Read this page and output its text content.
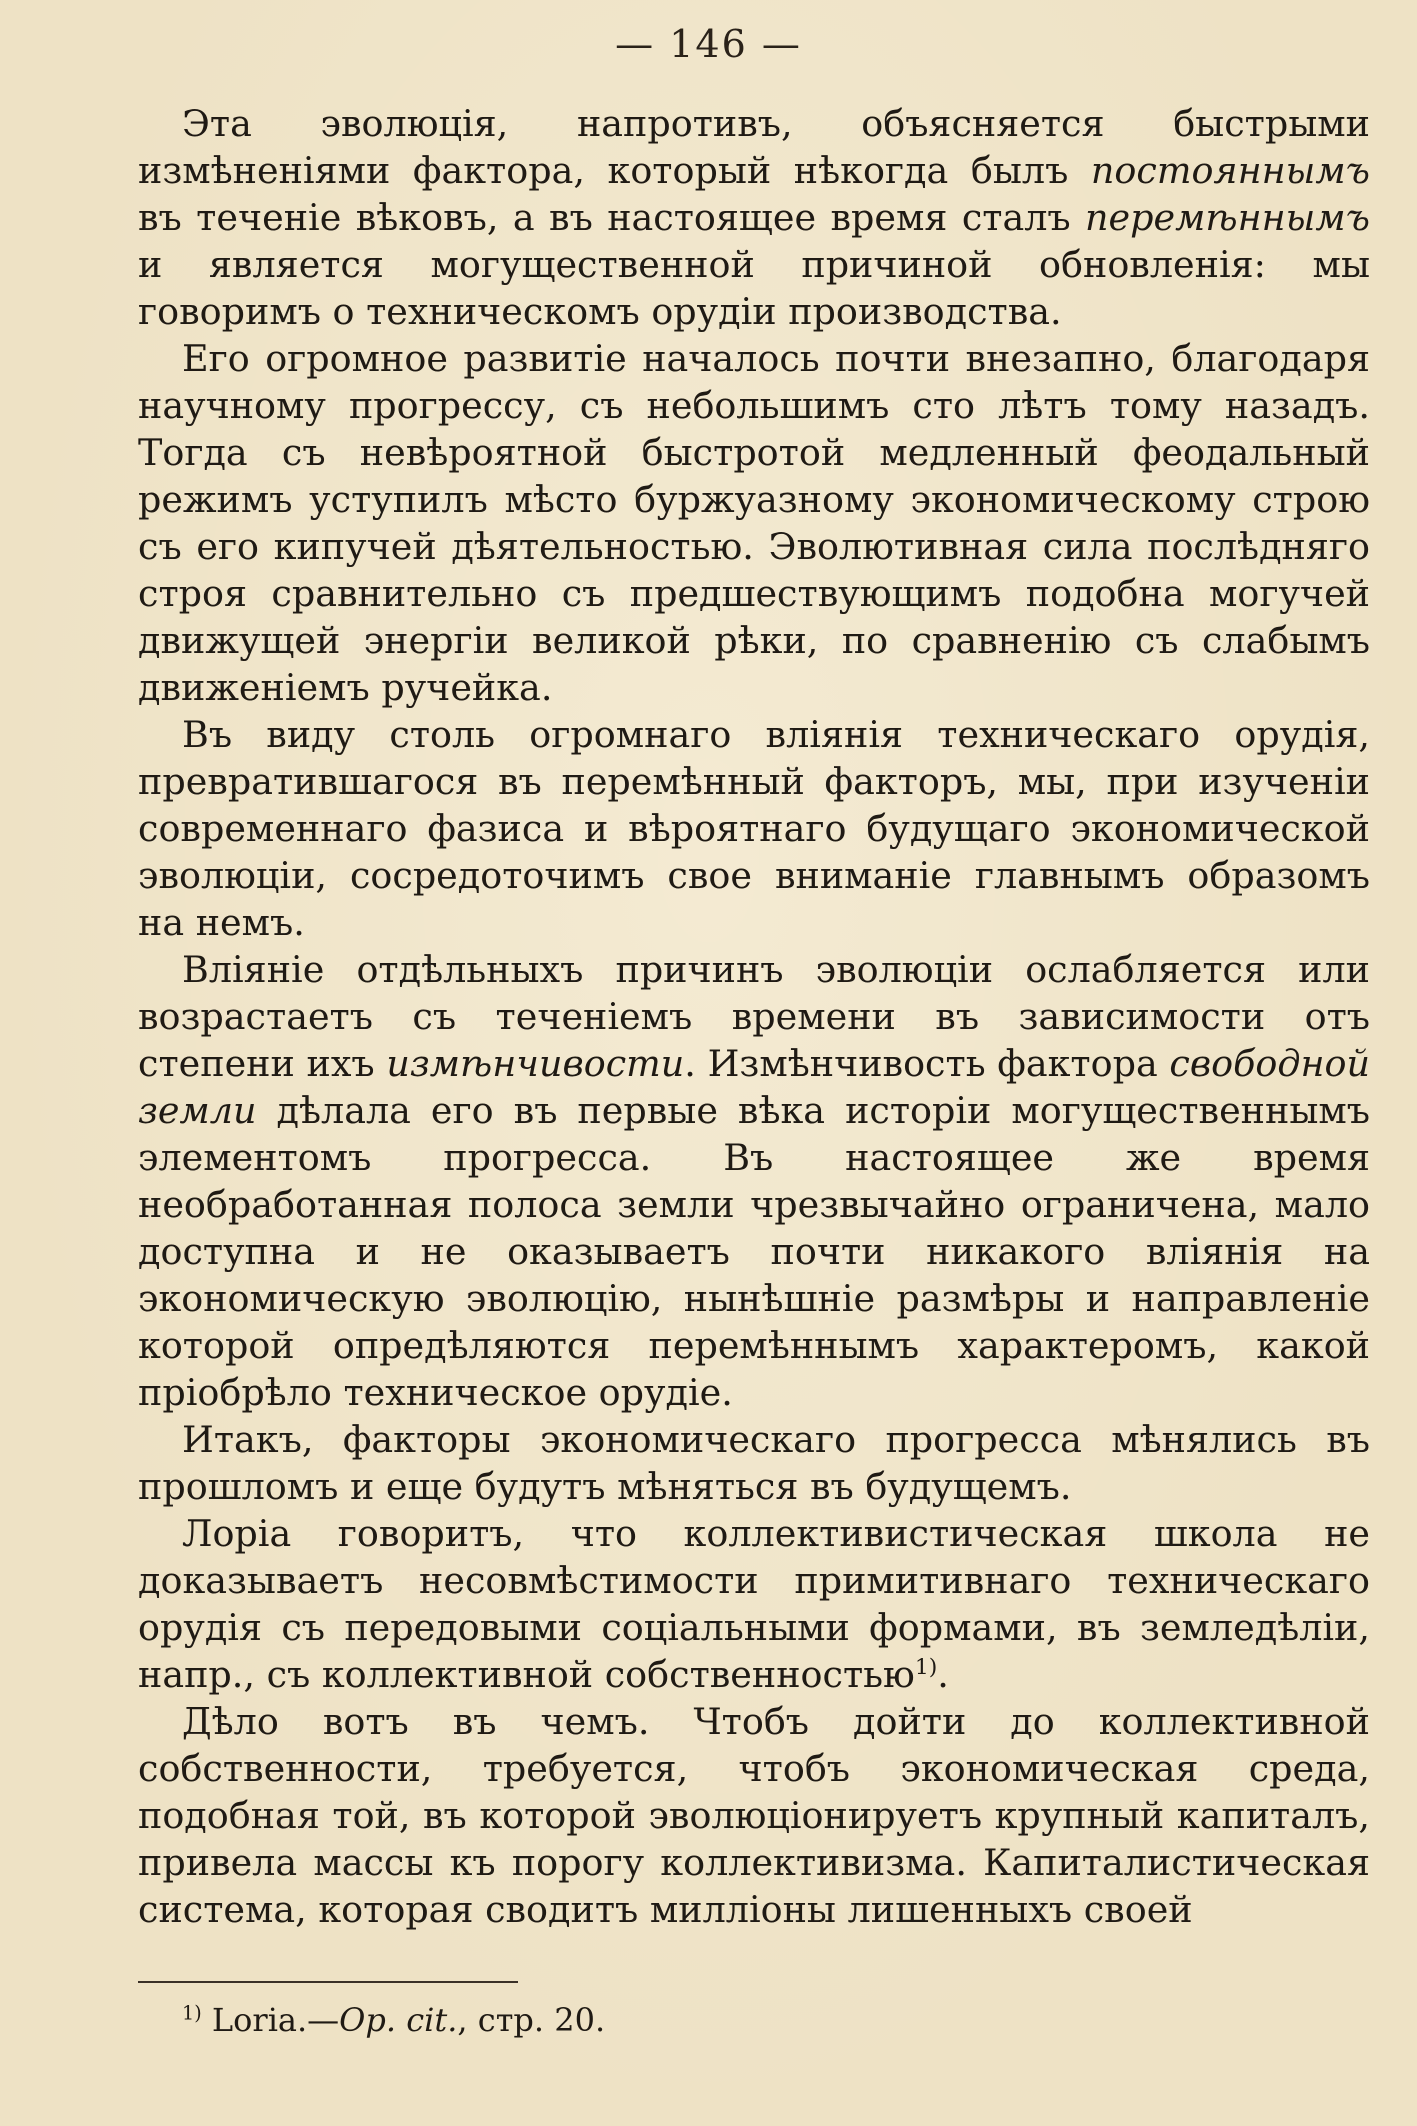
— 146 —

Эта эволюція, напротивъ, объясняется быстрыми измѣненіями фактора, который нѣкогда былъ постояннымъ въ теченіе вѣковъ, а въ настоящее время сталъ перемѣннымъ и является могущественной причиной обновленія: мы говоримъ о техническомъ орудіи производства.

Его огромное развитіе началось почти внезапно, благодаря научному прогрессу, съ небольшимъ сто лѣтъ тому назадъ. Тогда съ невѣроятной быстротой медленный феодальный режимъ уступилъ мѣсто буржуазному экономическому строю съ его кипучей дѣятельностью. Эволютивная сила послѣдняго строя сравнительно съ предшествующимъ подобна могучей движущей энергіи великой рѣки, по сравненію съ слабымъ движеніемъ ручейка.

Въ виду столь огромнаго вліянія техническаго орудія, превратившагося въ перемѣнный факторъ, мы, при изученіи современнаго фазиса и вѣроятнаго будущаго экономической эволюціи, сосредоточимъ свое вниманіе главнымъ образомъ на немъ.

Вліяніе отдѣльныхъ причинъ эволюціи ослабляется или возрастаетъ съ теченіемъ времени въ зависимости отъ степени ихъ измѣнчивости. Измѣнчивость фактора свободной земли дѣлала его въ первые вѣка исторіи могущественнымъ элементомъ прогресса. Въ настоящее же время необработанная полоса земли чрезвычайно ограничена, мало доступна и не оказываетъ почти никакого вліянія на экономическую эволюцію, нынѣшніе размѣры и направленіе которой опредѣляются перемѣннымъ характеромъ, какой пріобрѣло техническое орудіе.

Итакъ, факторы экономическаго прогресса мѣнялись въ прошломъ и еще будутъ мѣняться въ будущемъ.

Лоріа говоритъ, что коллективистическая школа не доказываетъ несовмѣстимости примитивнаго техническаго орудія съ передовыми соціальными формами, въ земледѣліи, напр., съ коллективной собственностью$^{1)}$.

Дѣло вотъ въ чемъ. Чтобъ дойти до коллективной собственности, требуется, чтобъ экономическая среда, подобная той, въ которой эволюціонируетъ крупный капиталъ, привела массы къ порогу коллективизма. Капиталистическая система, которая сводитъ милліоны лишенныхъ своей

$^{1)}$ Loria.—Op. cit., стр. 20.
